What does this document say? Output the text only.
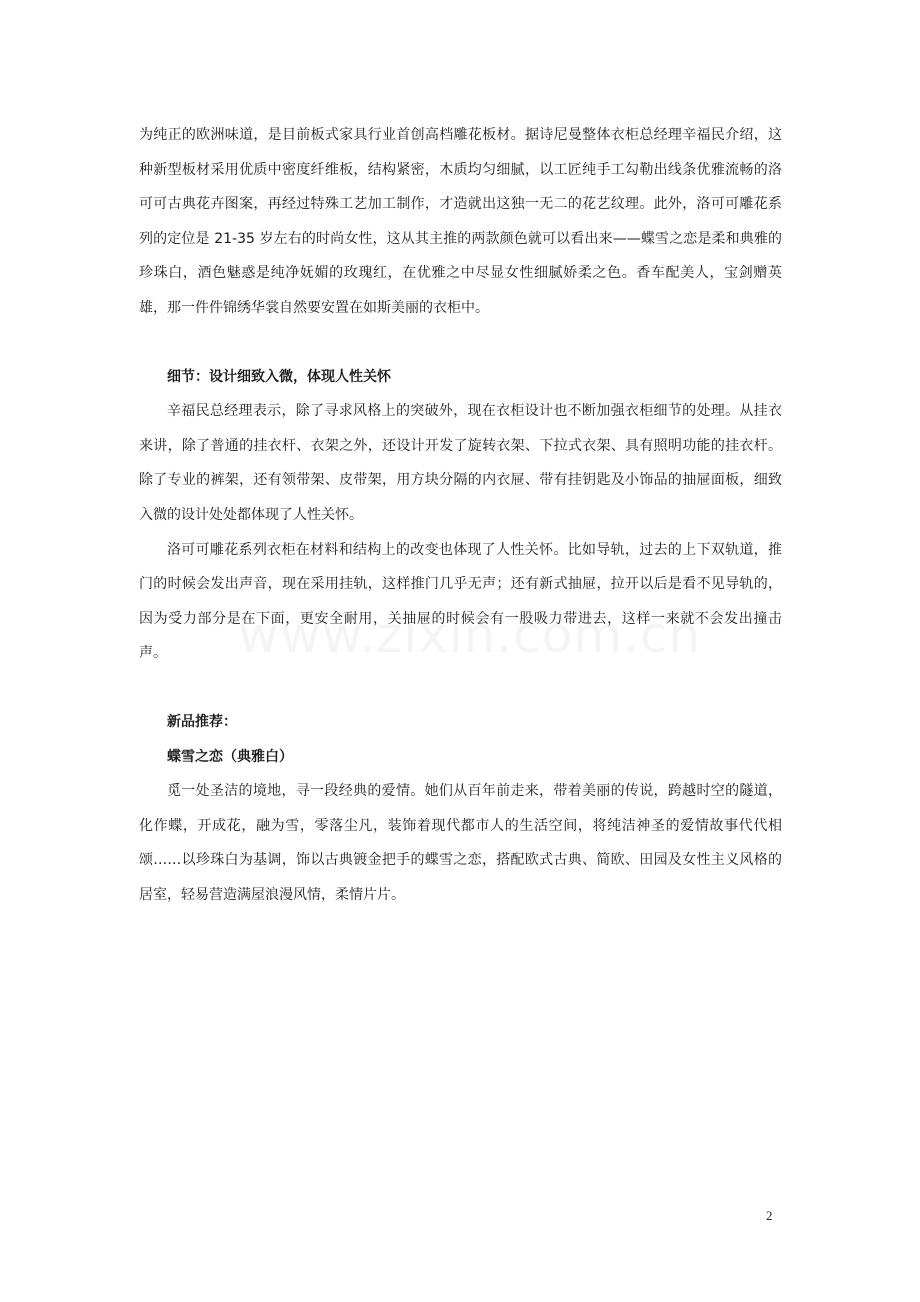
为纯正的欧洲味道，是目前板式家具行业首创高档雕花板材。据诗尼曼整体衣柜总经理辛福民介绍，这种新型板材采用优质中密度纤维板，结构紧密，木质均匀细腻，以工匠纯手工勾勒出线条优雅流畅的洛可可古典花卉图案，再经过特殊工艺加工制作，才造就出这独一无二的花艺纹理。此外，洛可可雕花系列的定位是 21-35 岁左右的时尚女性，这从其主推的两款颜色就可以看出来——蝶雪之恋是柔和典雅的珍珠白，酒色魅惑是纯净妩媚的玫瑰红，在优雅之中尽显女性细腻娇柔之色。香车配美人，宝剑赠英雄，那一件件锦绣华裳自然要安置在如斯美丽的衣柜中。

细节：设计细致入微，体现人性关怀

辛福民总经理表示，除了寻求风格上的突破外，现在衣柜设计也不断加强衣柜细节的处理。从挂衣来讲，除了普通的挂衣杆、衣架之外，还设计开发了旋转衣架、下拉式衣架、具有照明功能的挂衣杆。除了专业的裤架，还有领带架、皮带架，用方块分隔的内衣屉、带有挂钥匙及小饰品的抽屉面板，细致入微的设计处处都体现了人性关怀。

洛可可雕花系列衣柜在材料和结构上的改变也体现了人性关怀。比如导轨，过去的上下双轨道，推门的时候会发出声音，现在采用挂轨，这样推门几乎无声；还有新式抽屉，拉开以后是看不见导轨的，因为受力部分是在下面，更安全耐用，关抽屉的时候会有一股吸力带进去，这样一来就不会发出撞击声。

新品推荐：

蝶雪之恋（典雅白）

觅一处圣洁的境地，寻一段经典的爱情。她们从百年前走来，带着美丽的传说，跨越时空的隧道，化作蝶，开成花，融为雪，零落尘凡，装饰着现代都市人的生活空间，将纯洁神圣的爱情故事代代相颂……以珍珠白为基调，饰以古典镀金把手的蝶雪之恋，搭配欧式古典、简欧、田园及女性主义风格的居室，轻易营造满屋浪漫风情，柔情片片。

2
